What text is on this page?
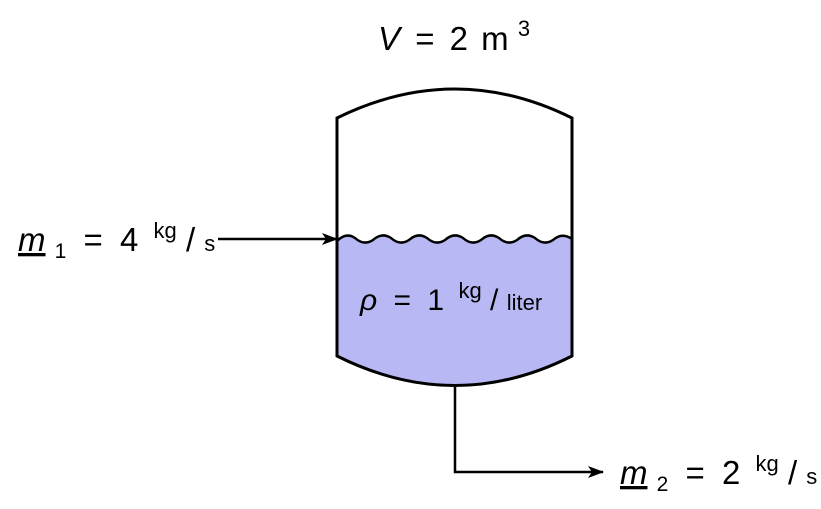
V = 2 m $^3$
m $_1$ = 4 $^{kg}$ / s
ρ = 1 $^{kg}$ / liter
m $_2$ = 2 $^{kg}$ / s
